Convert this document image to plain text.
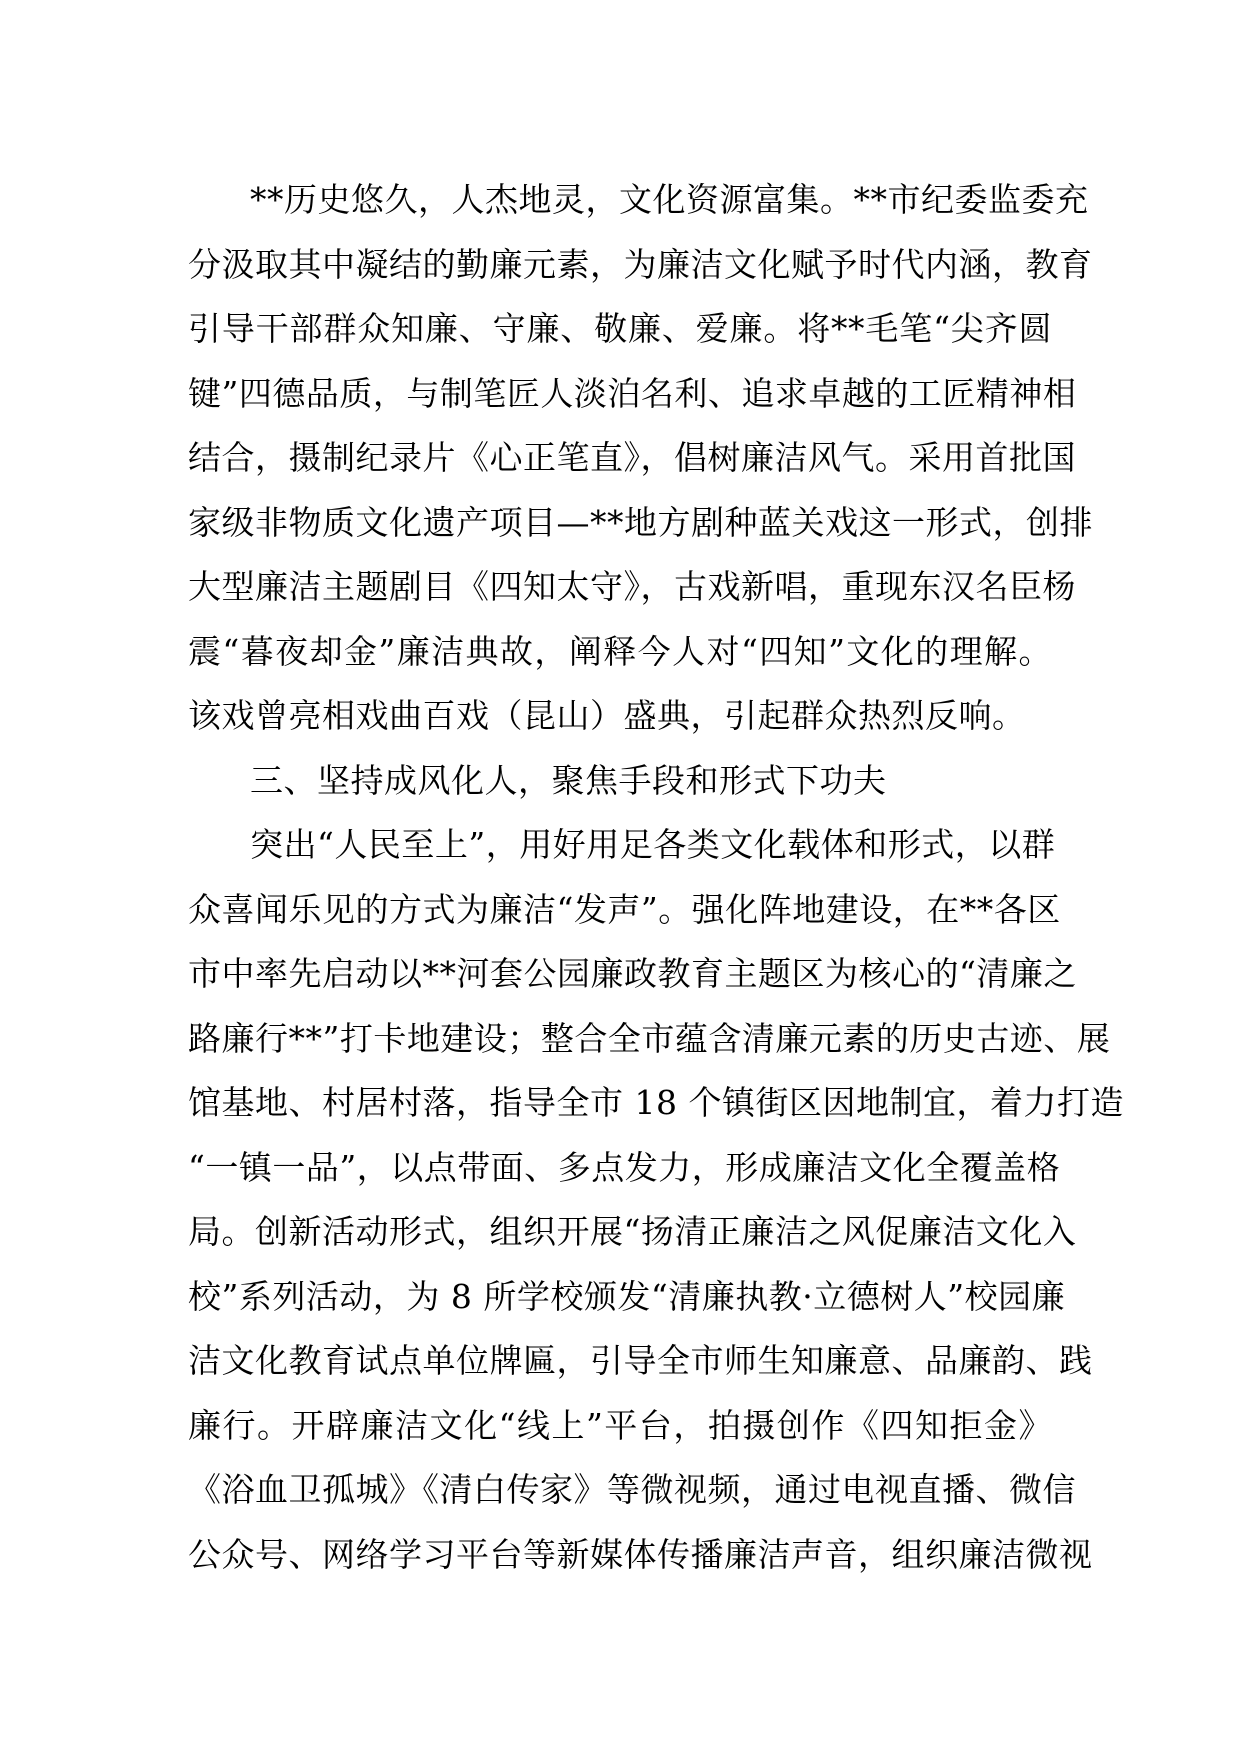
**历史悠久，人杰地灵，文化资源富集。**市纪委监委充
分汲取其中凝结的勤廉元素，为廉洁文化赋予时代内涵，教育
引导干部群众知廉、守廉、敬廉、爱廉。将**毛笔“尖齐圆
键”四德品质，与制笔匠人淡泊名利、追求卓越的工匠精神相
结合，摄制纪录片《心正笔直》，倡树廉洁风气。采用首批国
家级非物质文化遗产项目—**地方剧种蓝关戏这一形式，创排
大型廉洁主题剧目《四知太守》，古戏新唱，重现东汉名臣杨
震“暮夜却金”廉洁典故，阐释今人对“四知”文化的理解。
该戏曾亮相戏曲百戏（昆山）盛典，引起群众热烈反响。
三、坚持成风化人，聚焦手段和形式下功夫
突出“人民至上”，用好用足各类文化载体和形式，以群
众喜闻乐见的方式为廉洁“发声”。强化阵地建设，在**各区
市中率先启动以**河套公园廉政教育主题区为核心的“清廉之
路廉行**”打卡地建设；整合全市蕴含清廉元素的历史古迹、展
馆基地、村居村落，指导全市 18 个镇街区因地制宜，着力打造
“一镇一品”，以点带面、多点发力，形成廉洁文化全覆盖格
局。创新活动形式，组织开展“扬清正廉洁之风促廉洁文化入
校”系列活动，为 8 所学校颁发“清廉执教·立德树人”校园廉
洁文化教育试点单位牌匾，引导全市师生知廉意、品廉韵、践
廉行。开辟廉洁文化“线上”平台，拍摄创作《四知拒金》
《浴血卫孤城》《清白传家》等微视频，通过电视直播、微信
公众号、网络学习平台等新媒体传播廉洁声音，组织廉洁微视
